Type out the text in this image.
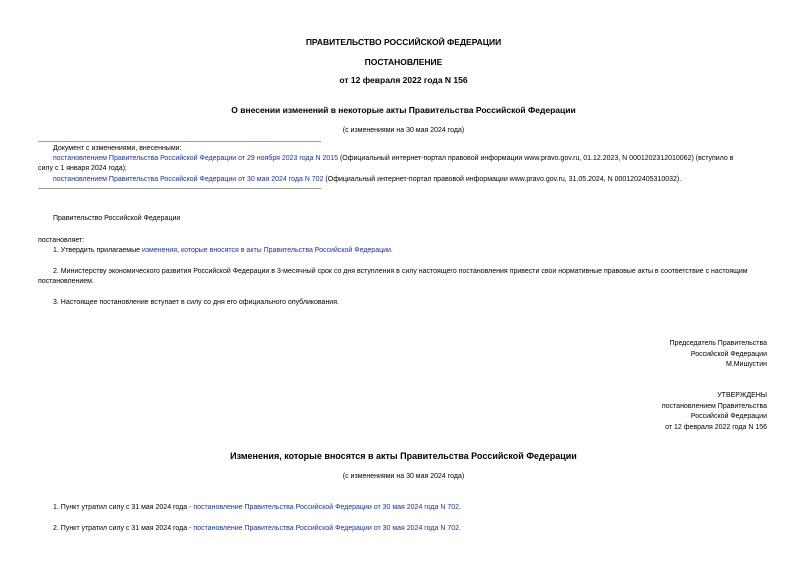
ПРАВИТЕЛЬСТВО РОССИЙСКОЙ ФЕДЕРАЦИИ
ПОСТАНОВЛЕНИЕ
от 12 февраля 2022 года N 156
О внесении изменений в некоторые акты Правительства Российской Федерации
(с изменениями на 30 мая 2024 года)
Документ с изменениями, внесенными:
постановлением Правительства Российской Федерации от 29 ноября 2023 года N 2015 (Официальный интернет-портал правовой информации www.pravo.gov.ru, 01.12.2023, N 0001202312010062) (вступило в
силу с 1 января 2024 года);
постановлением Правительства Российской Федерации от 30 мая 2024 года N 702 (Официальный интернет-портал правовой информации www.pravo.gov.ru, 31.05.2024, N 0001202405310032).
Правительство Российской Федерации
постановляет:
1. Утвердить прилагаемые изменения, которые вносятся в акты Правительства Российской Федерации.
2. Министерству экономического развития Российской Федерации в 3-месячный срок со дня вступления в силу настоящего постановления привести свои нормативные правовые акты в соответствие с настоящим
постановлением.
3. Настоящее постановление вступает в силу со дня его официального опубликования.
Председатель Правительства
Российской Федерации
М.Мишустин
УТВЕРЖДЕНЫ
постановлением Правительства
Российской Федерации
от 12 февраля 2022 года N 156
Изменения, которые вносятся в акты Правительства Российской Федерации
(с изменениями на 30 мая 2024 года)
1. Пункт утратил силу с 31 мая 2024 года - постановление Правительства Российской Федерации от 30 мая 2024 года N 702.
2. Пункт утратил силу с 31 мая 2024 года - постановление Правительства Российской Федерации от 30 мая 2024 года N 702.
